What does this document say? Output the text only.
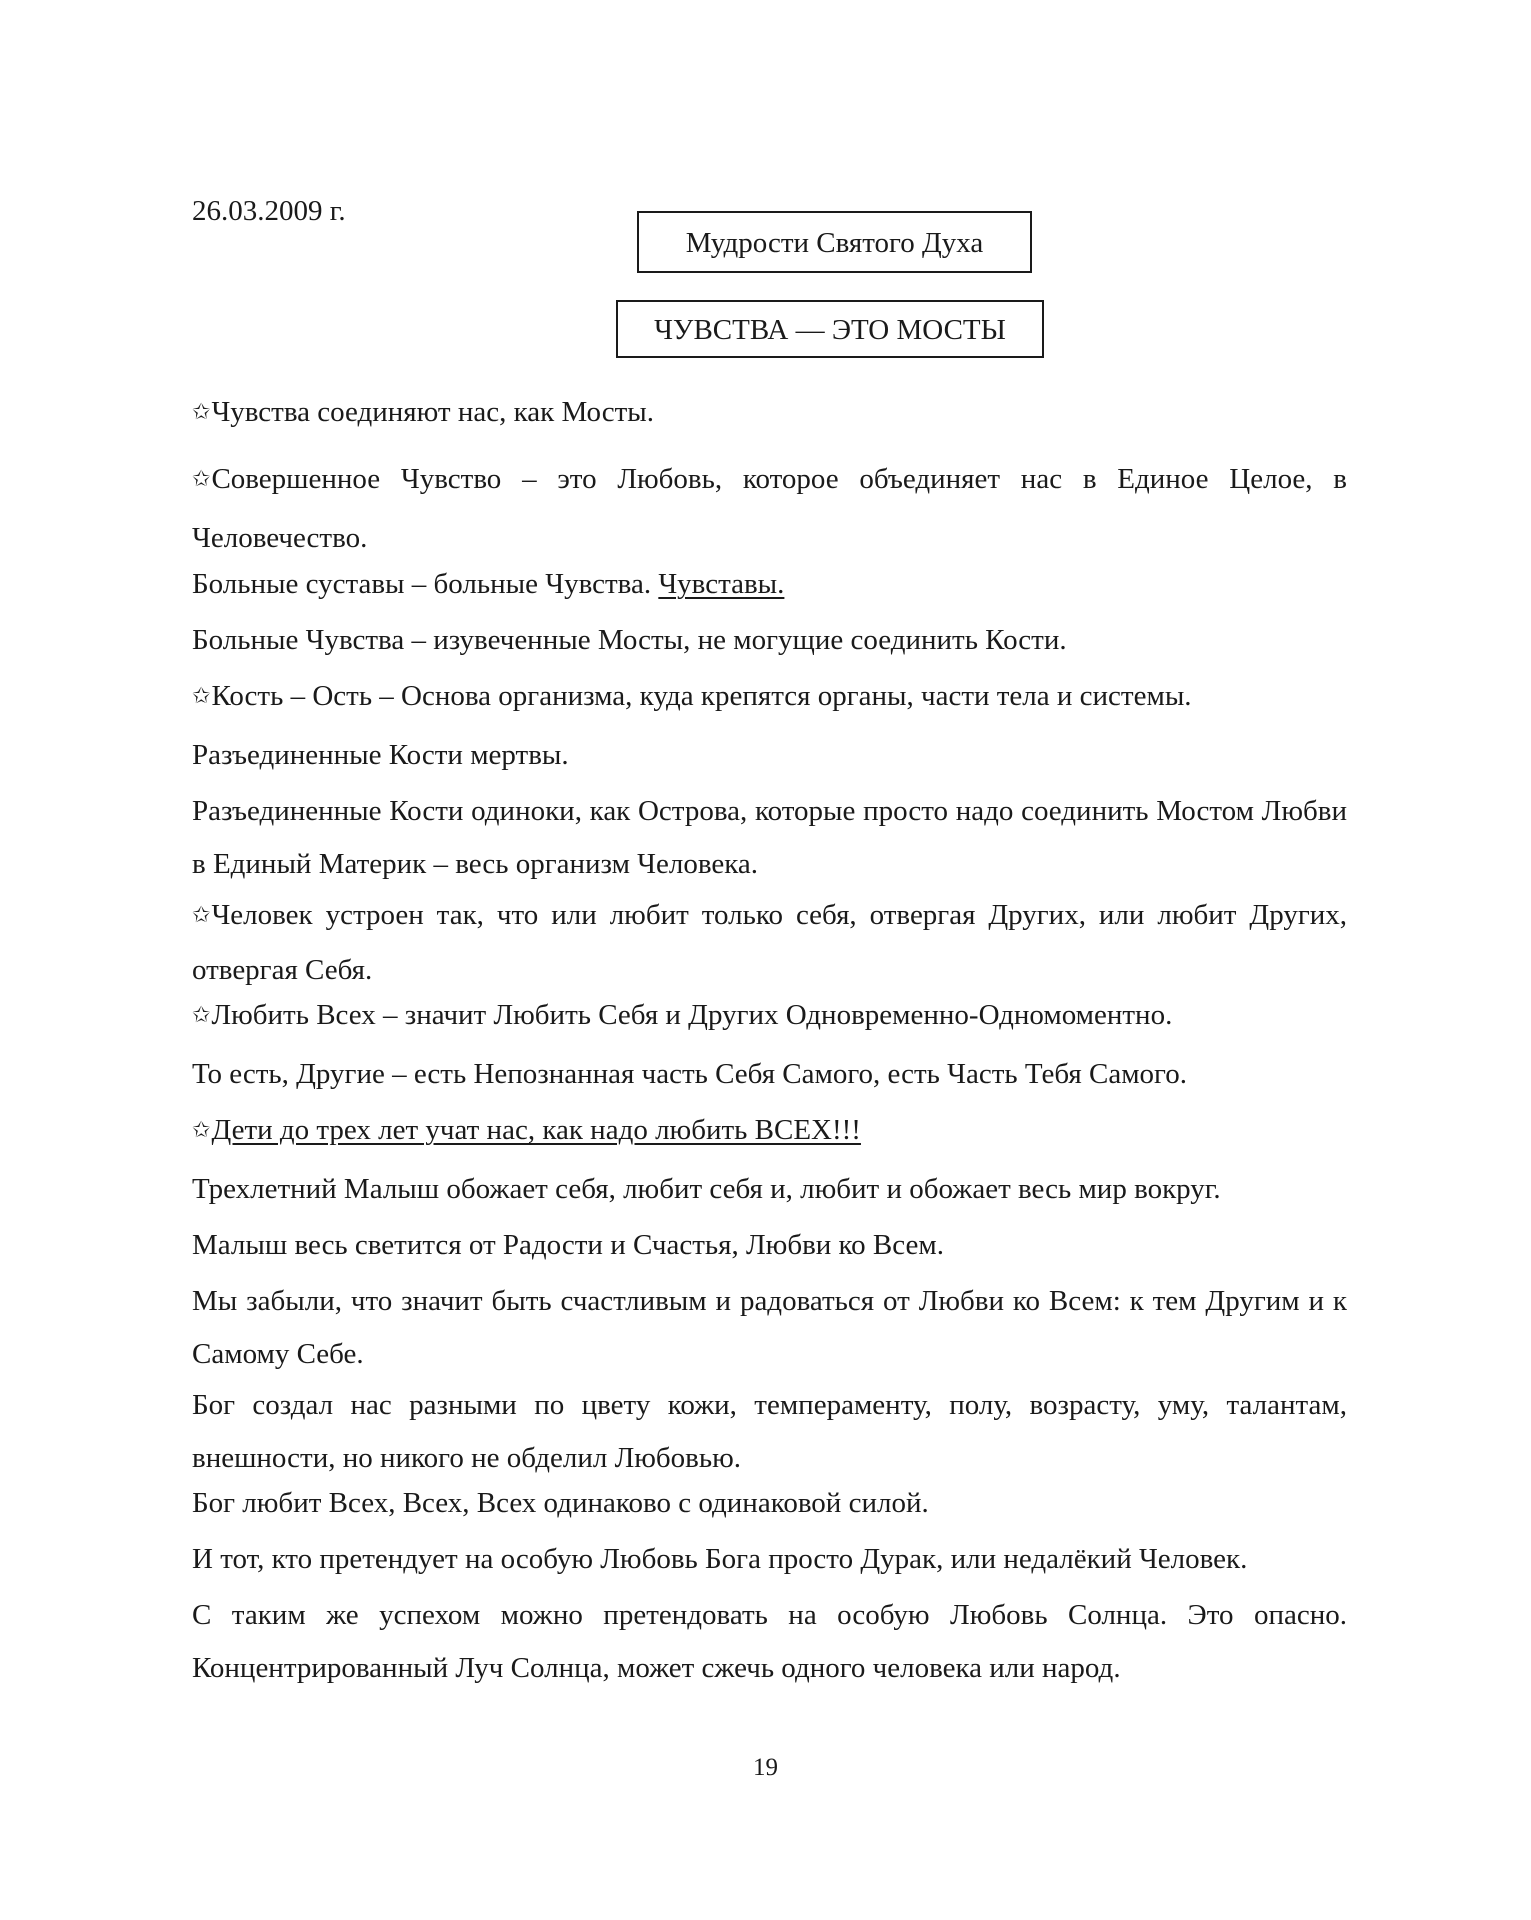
26.03.2009 г.
Мудрости Святого Духа
ЧУВСТВА — ЭТО МОСТЫ

✩Чувства соединяют нас, как Мосты.

✩Совершенное Чувство – это Любовь, которое объединяет нас в Единое Целое, в Человечество.

Больные суставы – больные Чувства. Чувставы.

Больные Чувства – изувеченные Мосты, не могущие соединить Кости.

✩Кость – Ость – Основа организма, куда крепятся органы, части тела и системы.

Разъединенные Кости мертвы.

Разъединенные Кости одиноки, как Острова, которые просто надо соединить Мостом Любви в Единый Материк – весь организм Человека.

✩Человек устроен так, что или любит только себя, отвергая Других, или любит Других, отвергая Себя.

✩Любить Всех – значит Любить Себя и Других Одновременно-Одномоментно.

То есть, Другие – есть Непознанная часть Себя Самого, есть Часть Тебя Самого.

✩Дети до трех лет учат нас, как надо любить ВСЕХ!!!

Трехлетний Малыш обожает себя, любит себя и, любит и обожает весь мир вокруг.

Малыш весь светится от Радости и Счастья, Любви ко Всем.

Мы забыли, что значит быть счастливым и радоваться от Любви ко Всем: к тем Другим и к Самому Себе.

Бог создал нас разными по цвету кожи, темпераменту, полу, возрасту, уму, талантам, внешности, но никого не обделил Любовью.

Бог любит Всех, Всех, Всех одинаково с одинаковой силой.

И тот, кто претендует на особую Любовь Бога просто Дурак, или недалёкий Человек.

С таким же успехом можно претендовать на особую Любовь Солнца. Это опасно. Концентрированный Луч Солнца, может сжечь одного человека или народ.

19
